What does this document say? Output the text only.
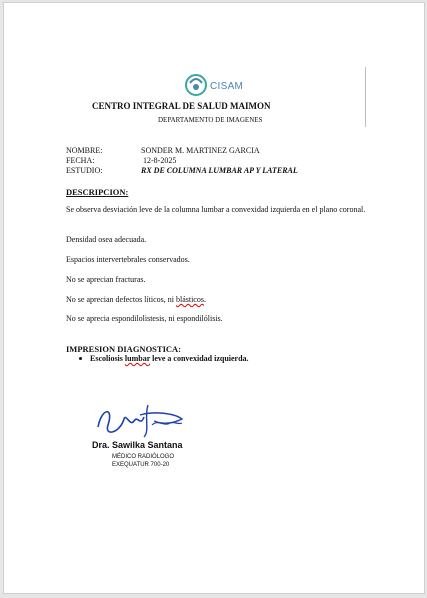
CISAM
CENTRO INTEGRAL DE SALUD MAIMON
DEPARTAMENTO DE IMAGENES
NOMBRE:	SONDER M. MARTINEZ GARCIA
FECHA:	12-8-2025
ESTUDIO:	RX DE COLUMNA LUMBAR AP Y LATERAL
DESCRIPCION:
Se observa desviación leve de la columna lumbar a convexidad izquierda en el plano coronal.
Densidad osea adecuada.
Espacios intervertebrales conservados.
No se aprecian fracturas.
No se aprecian defectos líticos, ni blásticos.
No se aprecia espondilolistesis, ni espondilólisis.
IMPRESION DIAGNOSTICA:
Escoliosis lumbar leve a convexidad izquierda.
Dra. Sawilka Santana
MÉDICO RADIÓLOGO
EXEQUATUR 700-20
